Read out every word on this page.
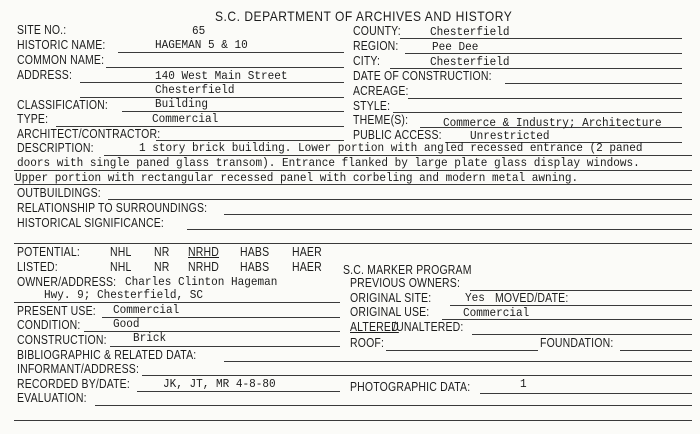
S.C. DEPARTMENT OF ARCHIVES AND HISTORY
SITE NO.:	65
HISTORIC NAME:	HAGEMAN 5 & 10
COMMON NAME:
ADDRESS:	140 West Main Street
Chesterfield
CLASSIFICATION:	Building
TYPE:	Commercial
ARCHITECT/CONTRACTOR:
COUNTY: Chesterfield
REGION:	Pee Dee
CITY:	Chesterfield
DATE OF CONSTRUCTION:
ACREAGE:
STYLE:
THEME(S):	Commerce & Industry; Architecture
PUBLIC ACCESS: Unrestricted
DESCRIPTION:	1 story brick building. Lower portion with angled recessed entrance (2 paned
doors with single paned glass transom). Entrance flanked by large plate glass display windows.
Upper portion with rectangular recessed panel with corbeling and modern metal awning.
OUTBUILDINGS:
RELATIONSHIP TO SURROUNDINGS:
HISTORICAL SIGNIFICANCE:
POTENTIAL: NHL NR NRHD HABS HAER
LISTED:	NHL NR NRHD HABS HAER
OWNER/ADDRESS: Charles Clinton Hageman
Hwy. 9; Chesterfield, SC
PRESENT USE: Commercial
CONDITION:	Good
CONSTRUCTION: Brick
BIBLIOGRAPHIC & RELATED DATA:
INFORMANT/ADDRESS:
RECORDED BY/DATE:	JK, JT, MR 4-8-80
EVALUATION:
S.C. MARKER PROGRAM
PREVIOUS OWNERS:
ORIGINAL SITE:	Yes MOVED/DATE:
ORIGINAL USE:	Commercial
ALTERED
/UNALTERED:
ROOF:	FOUNDATION:
PHOTOGRAPHIC DATA:	1
